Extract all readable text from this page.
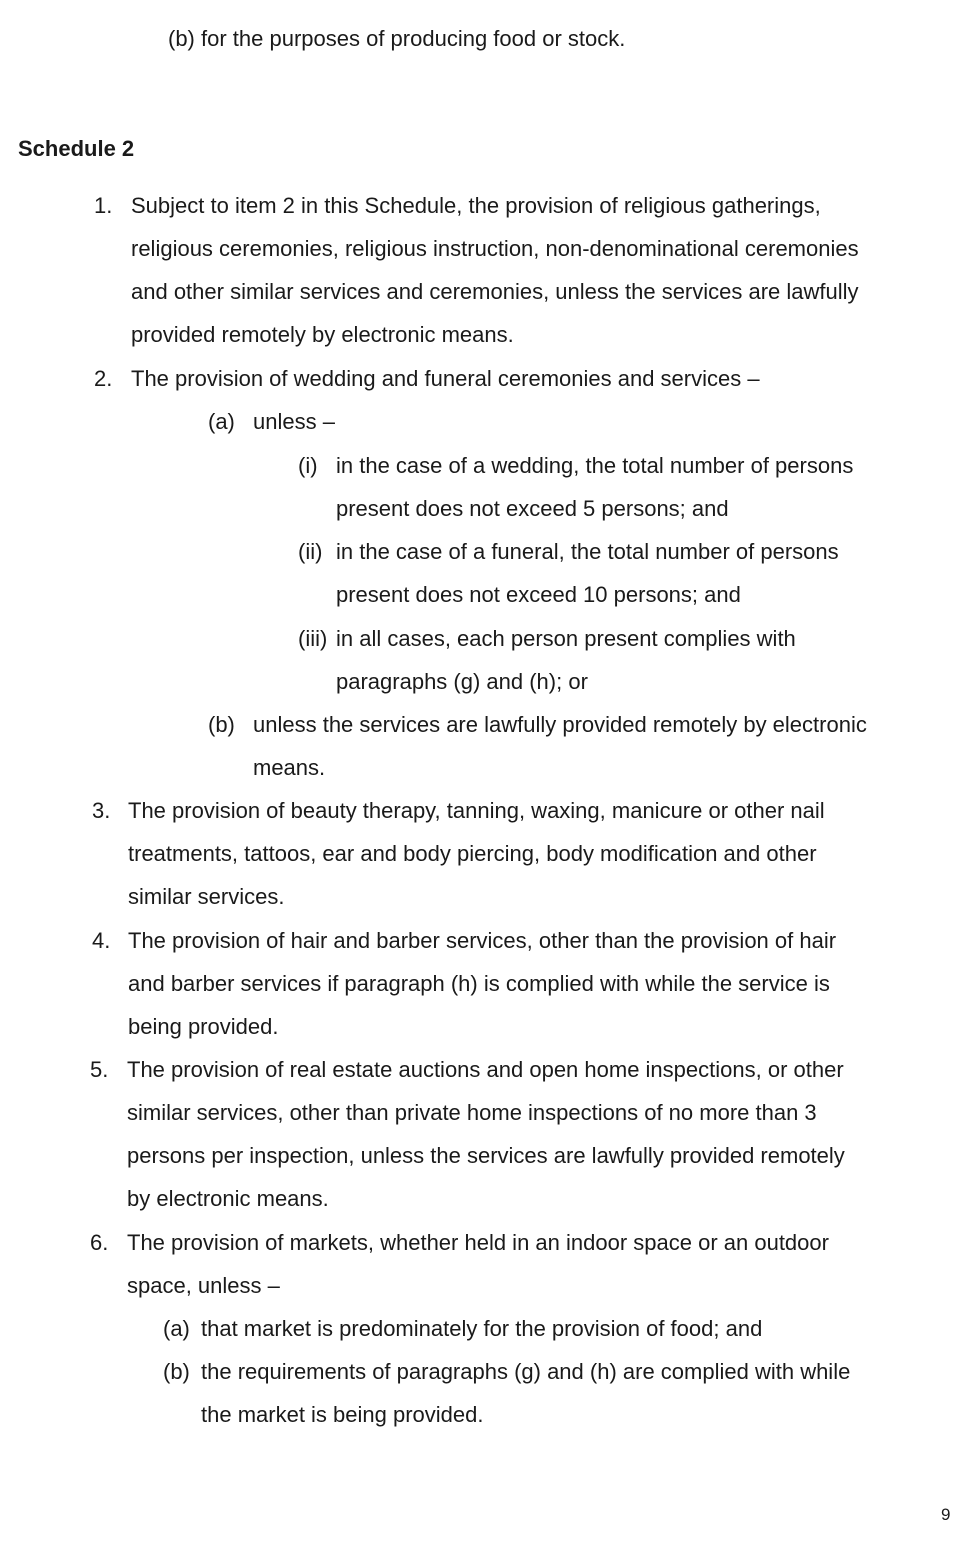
(b) for the purposes of producing food or stock.
Schedule 2
1. Subject to item 2 in this Schedule, the provision of religious gatherings,
religious ceremonies, religious instruction, non-denominational ceremonies
and other similar services and ceremonies, unless the services are lawfully
provided remotely by electronic means.
2. The provision of wedding and funeral ceremonies and services –
(a) unless –
(i) in the case of a wedding, the total number of persons
present does not exceed 5 persons; and
(ii) in the case of a funeral, the total number of persons
present does not exceed 10 persons; and
(iii) in all cases, each person present complies with
paragraphs (g) and (h); or
(b) unless the services are lawfully provided remotely by electronic
means.
3. The provision of beauty therapy, tanning, waxing, manicure or other nail
treatments, tattoos, ear and body piercing, body modification and other
similar services.
4. The provision of hair and barber services, other than the provision of hair
and barber services if paragraph (h) is complied with while the service is
being provided.
5. The provision of real estate auctions and open home inspections, or other
similar services, other than private home inspections of no more than 3
persons per inspection, unless the services are lawfully provided remotely
by electronic means.
6. The provision of markets, whether held in an indoor space or an outdoor
space, unless –
(a) that market is predominately for the provision of food; and
(b) the requirements of paragraphs (g) and (h) are complied with while
the market is being provided.
9
